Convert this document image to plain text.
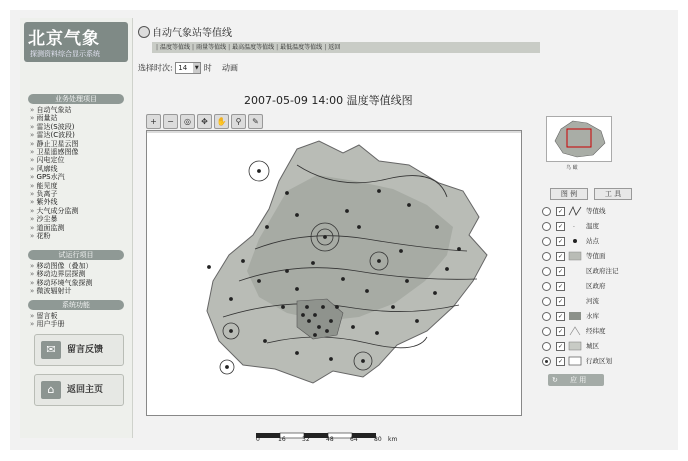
北京气象
探测资料综合显示系统
业务处理项目
» 自动气象站
» 雨量站
» 雷达(S波段)
» 雷达(C波段)
» 静止卫星云图
» 卫星遥感图像
» 闪电定位
» 风廓线
» GPS水汽
» 能见度
» 负离子
» 紫外线
» 大气成分监测
» 沙尘暴
» 道面监测
» 花粉
试运行项目
» 移动图像（叠加）
» 移动边界层探测
» 移动环境气象探测
» 微波辐射计
系统功能
» 留言板
» 用户手册
✉	留言反馈
⌂	返回主页
自动气象站等值线
| 温度等值线 | 雨量等值线 | 最高温度等值线 | 最低温度等值线 | 返回
选择时次: 14	▼ 时 动画
2007-05-09 14:00 温度等值线图
+	−	◎	✥	✋	⚲	✎
0	16	32	48	64	80 km
鸟 瞰
图 例	工 具
✓	等值线
✓	· 温度
✓	站点
✓	等值面
✓	区政府注记
✓	区政府
✓	河流
✓	水库
✓	经纬度
✓	城区
✓	行政区划
↻ 应 用
